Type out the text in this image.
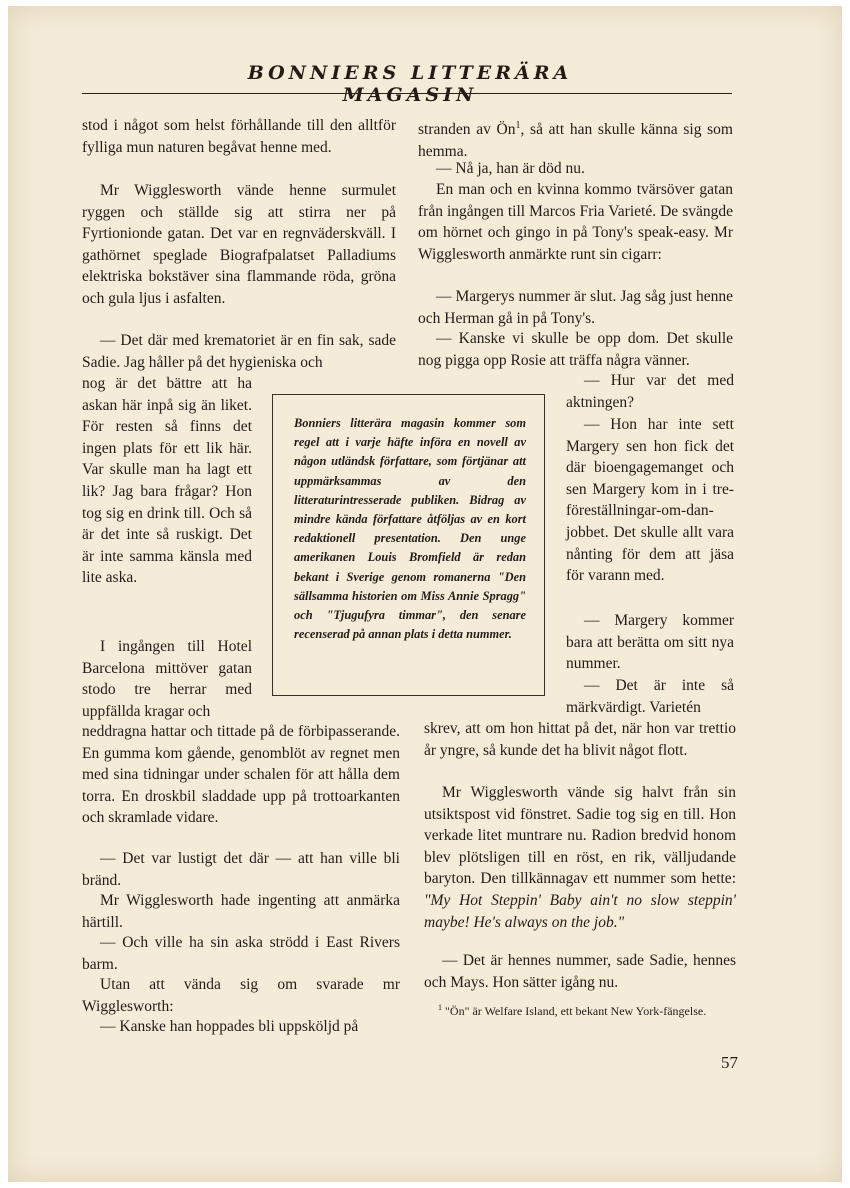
BONNIERS LITTERÄRA MAGASIN

stod i något som helst förhållande till den alltför fylliga mun naturen begåvat henne med.

Mr Wigglesworth vände henne surmulet ryggen och ställde sig att stirra ner på Fyrtionionde gatan. Det var en regnväderskväll. I gathörnet speglade Biografpalatset Palladiums elektriska bokstäver sina flammande röda, gröna och gula ljus i asfalten.

— Det där med krematoriet är en fin sak, sade Sadie. Jag håller på det hygieniska och

nog är det bättre att ha askan här inpå sig än liket. För resten så finns det ingen plats för ett lik här. Var skulle man ha lagt ett lik? Jag bara frågar? Hon tog sig en drink till. Och så är det inte så ruskigt. Det är inte samma känsla med lite aska.

I ingången till Hotel Barcelona mittöver gatan stodo tre herrar med uppfällda kragar och

neddragna hattar och tittade på de förbipasserande. En gumma kom gående, genomblöt av regnet men med sina tidningar under schalen för att hålla dem torra. En droskbil sladdade upp på trottoarkanten och skramlade vidare.

— Det var lustigt det där — att han ville bli bränd.

Mr Wigglesworth hade ingenting att anmärka härtill.

— Och ville ha sin aska strödd i East Rivers barm.

Utan att vända sig om svarade mr Wigglesworth:

— Kanske han hoppades bli uppsköljd på

Bonniers litterära magasin kommer som regel att i varje häfte införa en novell av någon utländsk författare, som förtjänar att uppmärksammas av den litteraturintresserade publiken. Bidrag av mindre kända författare åtföljas av en kort redaktionell presentation. Den unge amerikanen Louis Bromfield är redan bekant i Sverige genom romanerna "Den sällsamma historien om Miss Annie Spragg" och "Tjugufyra timmar", den senare recenserad på annan plats i detta nummer.

stranden av $Ön^1$, så att han skulle känna sig som hemma.

— Nå ja, han är död nu.

En man och en kvinna kommo tvärsöver gatan från ingången till Marcos Fria Varieté. De svängde om hörnet och gingo in på Tony's speak-easy. Mr Wigglesworth anmärkte runt sin cigarr:

— Margerys nummer är slut. Jag såg just henne och Herman gå in på Tony's.

— Kanske vi skulle be opp dom. Det skulle nog pigga opp Rosie att träffa några vänner.

— Hur var det med aktningen?

— Hon har inte sett Margery sen hon fick det där bioengagemanget och sen Margery kom in i tre-föreställningar-om-dan-jobbet. Det skulle allt vara nånting för dem att jäsa för varann med.

— Margery kommer bara att berätta om sitt nya nummer.

— Det är inte så märkvärdigt. Varietén

skrev, att om hon hittat på det, när hon var trettio år yngre, så kunde det ha blivit något flott.

Mr Wigglesworth vände sig halvt från sin utsiktspost vid fönstret. Sadie tog sig en till. Hon verkade litet muntrare nu. Radion bredvid honom blev plötsligen till en röst, en rik, välljudande baryton. Den tillkännagav ett nummer som hette: "My Hot Steppin' Baby ain't no slow steppin' maybe! He's always on the job."

— Det är hennes nummer, sade Sadie, hennes och Mays. Hon sätter igång nu.

$^1$ "Ön" är Welfare Island, ett bekant New York-fängelse.

57
